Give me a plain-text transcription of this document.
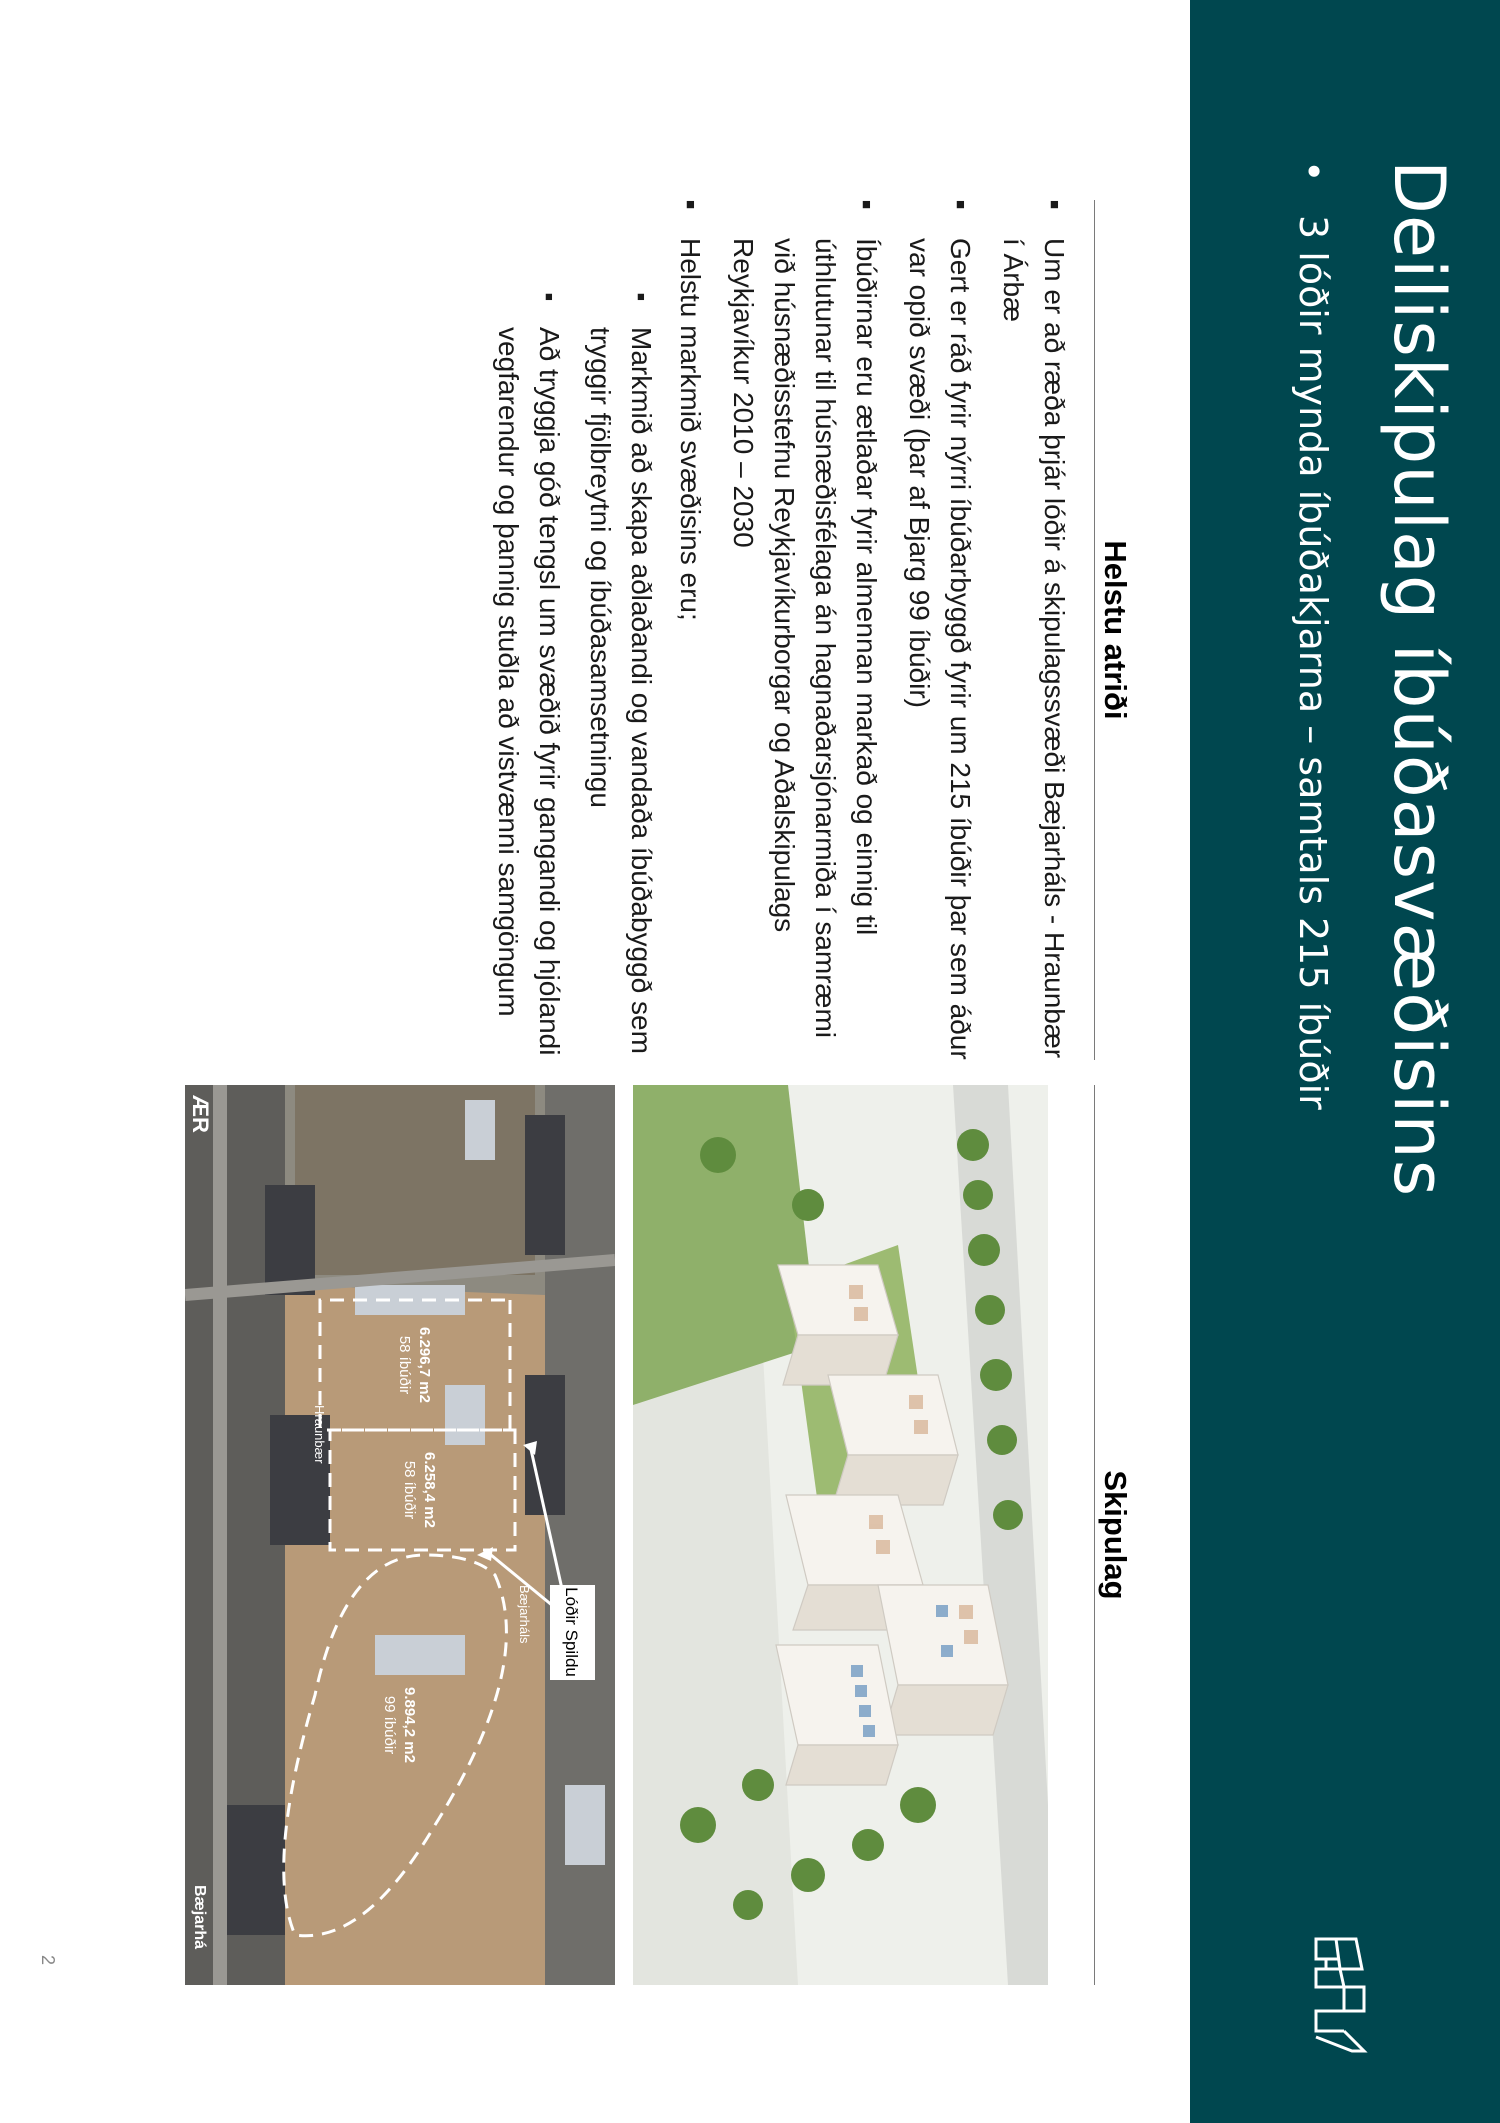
Deiliskipulag íbúðasvæðisins
•
3 lóðir mynda íbúðakjarna – samtals 215 íbúðir
Helstu atriði
Skipulag
■ Um er að ræða þrjár lóðir á skipulagssvæði Bæjarháls - Hraunbær í Árbæ
■ Gert er ráð fyrir nýrri íbúðarbyggð fyrir um 215 íbúðir þar sem áður var opið svæði (þar af Bjarg 99 íbúðir)
■ Íbúðirnar eru ætlaðar fyrir almennan markað og einnig til úthlutunar til húsnæðisfélaga án hagnaðarsjónarmiða í samræmi við húsnæðisstefnu Reykjavíkurborgar og Aðalskipulags Reykjavíkur 2010 – 2030
■ Helstu markmið svæðisins eru;
■ Markmið að skapa aðlaðandi og vandaða íbúðabyggð sem tryggir fjölbreytni og íbúðasamsetningu
■ Að tryggja góð tengsl um svæðið fyrir gangandi og hjólandi vegfarendur og þannig stuðla að vistvænni samgöngum
Lóðir Spildu
6.296,7 m2
58 íbúðir
6.258,4 m2
58 íbúðir
9.894,2 m2
99 íbúðir
Hraunbær
Bæjarháls
Bæjarhá
ÆR
2
